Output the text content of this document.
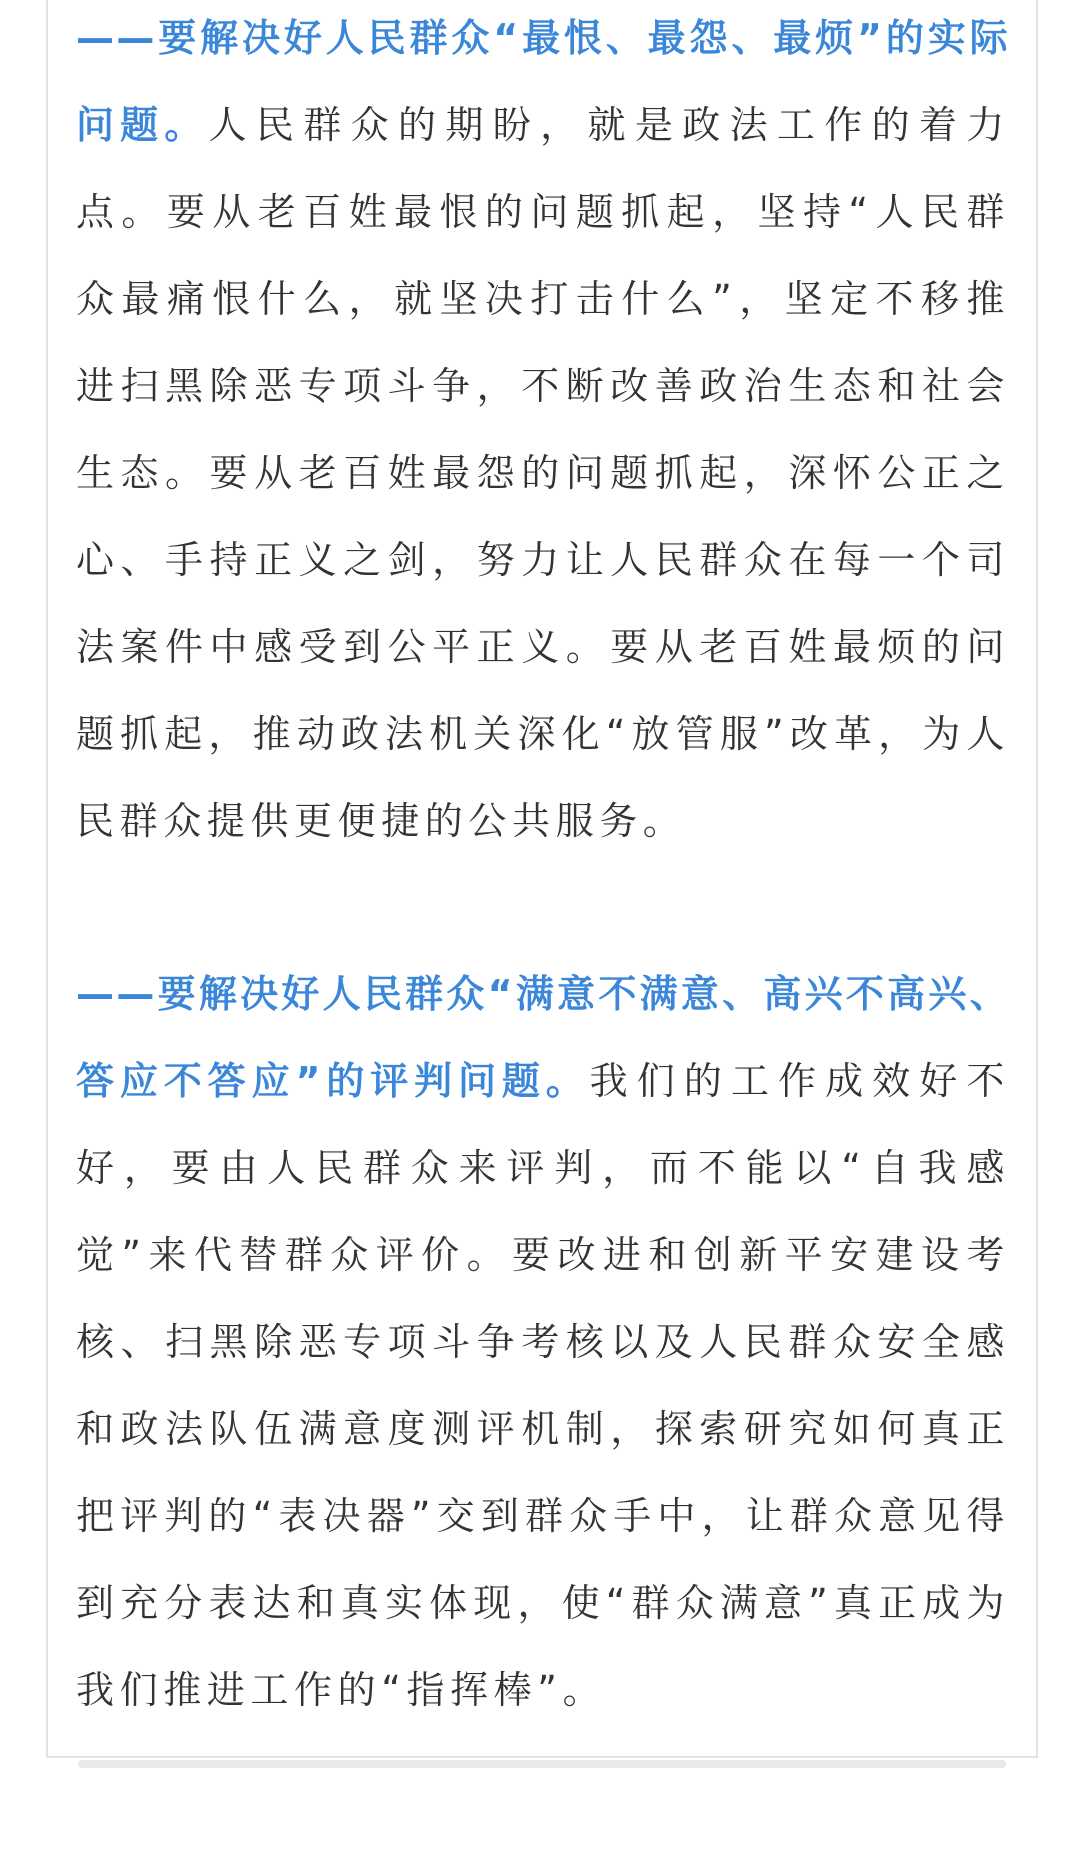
——要解决好人民群众“最恨、最怨、最烦”的实际问题。人民群众的期盼，就是政法工作的着力点。要从老百姓最恨的问题抓起，坚持“人民群众最痛恨什么，就坚决打击什么”，坚定不移推进扫黑除恶专项斗争，不断改善政治生态和社会生态。要从老百姓最怨的问题抓起，深怀公正之心、手持正义之剑，努力让人民群众在每一个司法案件中感受到公平正义。要从老百姓最烦的问题抓起，推动政法机关深化“放管服”改革，为人民群众提供更便捷的公共服务。

——要解决好人民群众“满意不满意、高兴不高兴、答应不答应”的评判问题。我们的工作成效好不好，要由人民群众来评判，而不能以“自我感觉”来代替群众评价。要改进和创新平安建设考核、扫黑除恶专项斗争考核以及人民群众安全感和政法队伍满意度测评机制，探索研究如何真正把评判的“表决器”交到群众手中，让群众意见得到充分表达和真实体现，使“群众满意”真正成为我们推进工作的“指挥棒”。
